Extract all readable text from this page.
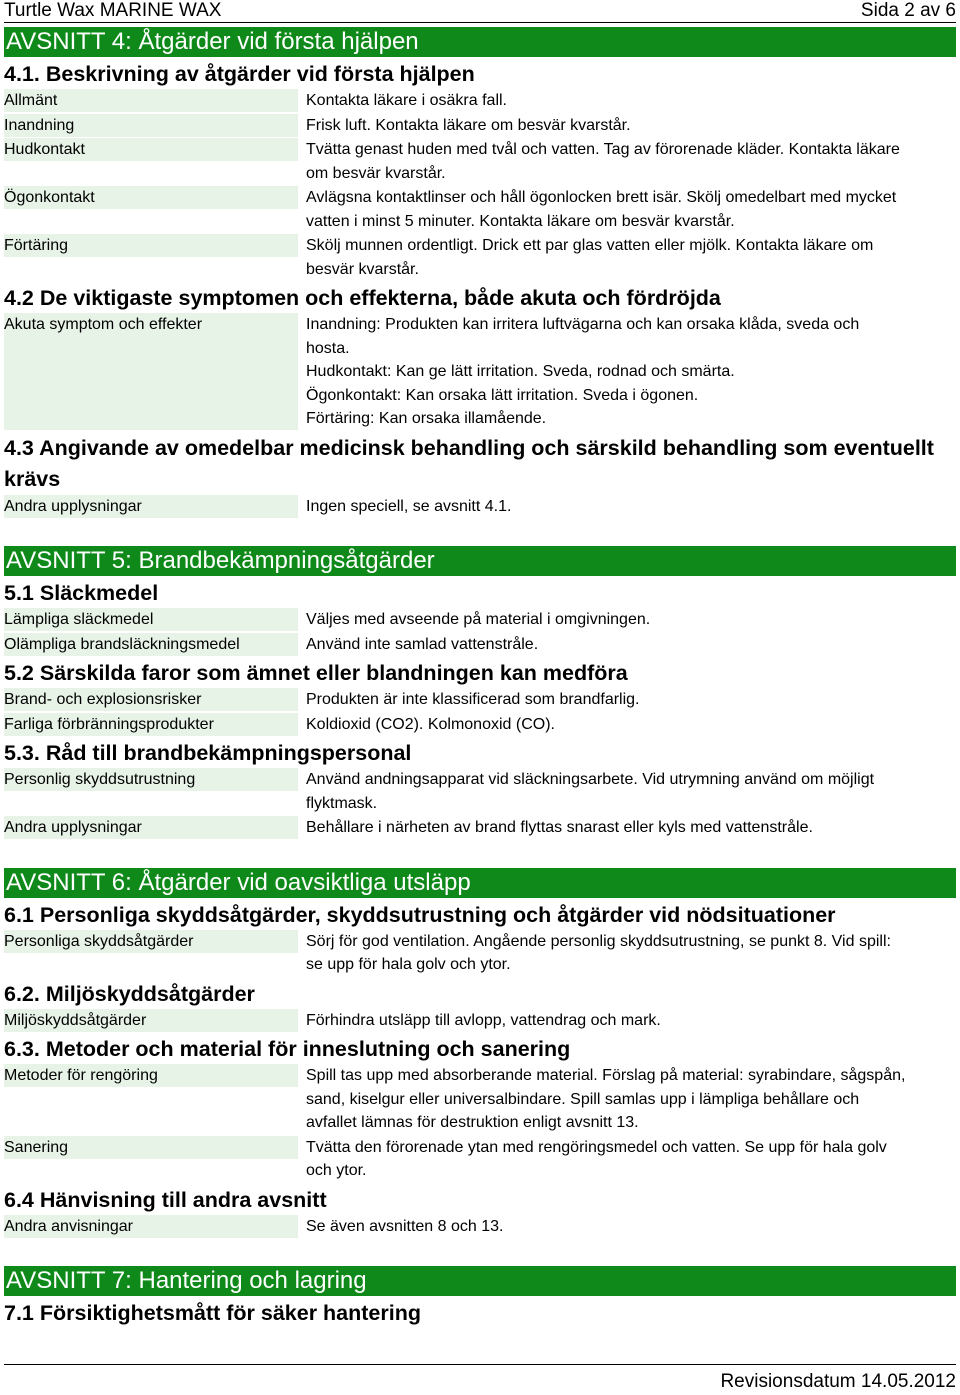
Turtle Wax MARINE WAX	Sida 2 av 6
AVSNITT 4: Åtgärder vid första hjälpen
4.1. Beskrivning av åtgärder vid första hjälpen
Allmänt	Kontakta läkare i osäkra fall.
Inandning	Frisk luft. Kontakta läkare om besvär kvarstår.
Hudkontakt	Tvätta genast huden med tvål och vatten. Tag av förorenade kläder. Kontakta läkare om besvär kvarstår.
Ögonkontakt	Avlägsna kontaktlinser och håll ögonlocken brett isär. Skölj omedelbart med mycket vatten i minst 5 minuter. Kontakta läkare om besvär kvarstår.
Förtäring	Skölj munnen ordentligt. Drick ett par glas vatten eller mjölk. Kontakta läkare om besvär kvarstår.
4.2 De viktigaste symptomen och effekterna, både akuta och fördröjda
Akuta symptom och effekter	Inandning: Produkten kan irritera luftvägarna och kan orsaka klåda, sveda och hosta.
Hudkontakt: Kan ge lätt irritation. Sveda, rodnad och smärta.
Ögonkontakt: Kan orsaka lätt irritation. Sveda i ögonen.
Förtäring: Kan orsaka illamående.
4.3 Angivande av omedelbar medicinsk behandling och särskild behandling som eventuellt krävs
Andra upplysningar	Ingen speciell, se avsnitt 4.1.
AVSNITT 5: Brandbekämpningsåtgärder
5.1 Släckmedel
Lämpliga släckmedel	Väljes med avseende på material i omgivningen.
Olämpliga brandsläckningsmedel	Använd inte samlad vattenstråle.
5.2 Särskilda faror som ämnet eller blandningen kan medföra
Brand- och explosionsrisker	Produkten är inte klassificerad som brandfarlig.
Farliga förbränningsprodukter	Koldioxid (CO2). Kolmonoxid (CO).
5.3. Råd till brandbekämpningspersonal
Personlig skyddsutrustning	Använd andningsapparat vid släckningsarbete. Vid utrymning använd om möjligt flyktmask.
Andra upplysningar	Behållare i närheten av brand flyttas snarast eller kyls med vattenstråle.
AVSNITT 6: Åtgärder vid oavsiktliga utsläpp
6.1 Personliga skyddsåtgärder, skyddsutrustning och åtgärder vid nödsituationer
Personliga skyddsåtgärder	Sörj för god ventilation. Angående personlig skyddsutrustning, se punkt 8. Vid spill: se upp för hala golv och ytor.
6.2. Miljöskyddsåtgärder
Miljöskyddsåtgärder	Förhindra utsläpp till avlopp, vattendrag och mark.
6.3. Metoder och material för inneslutning och sanering
Metoder för rengöring	Spill tas upp med absorberande material. Förslag på material: syrabindare, sågspån, sand, kiselgur eller universalbindare. Spill samlas upp i lämpliga behållare och avfallet lämnas för destruktion enligt avsnitt 13.
Sanering	Tvätta den förorenade ytan med rengöringsmedel och vatten. Se upp för hala golv och ytor.
6.4 Hänvisning till andra avsnitt
Andra anvisningar	Se även avsnitten 8 och 13.
AVSNITT 7: Hantering och lagring
7.1 Försiktighetsmått för säker hantering
Revisionsdatum 14.05.2012
